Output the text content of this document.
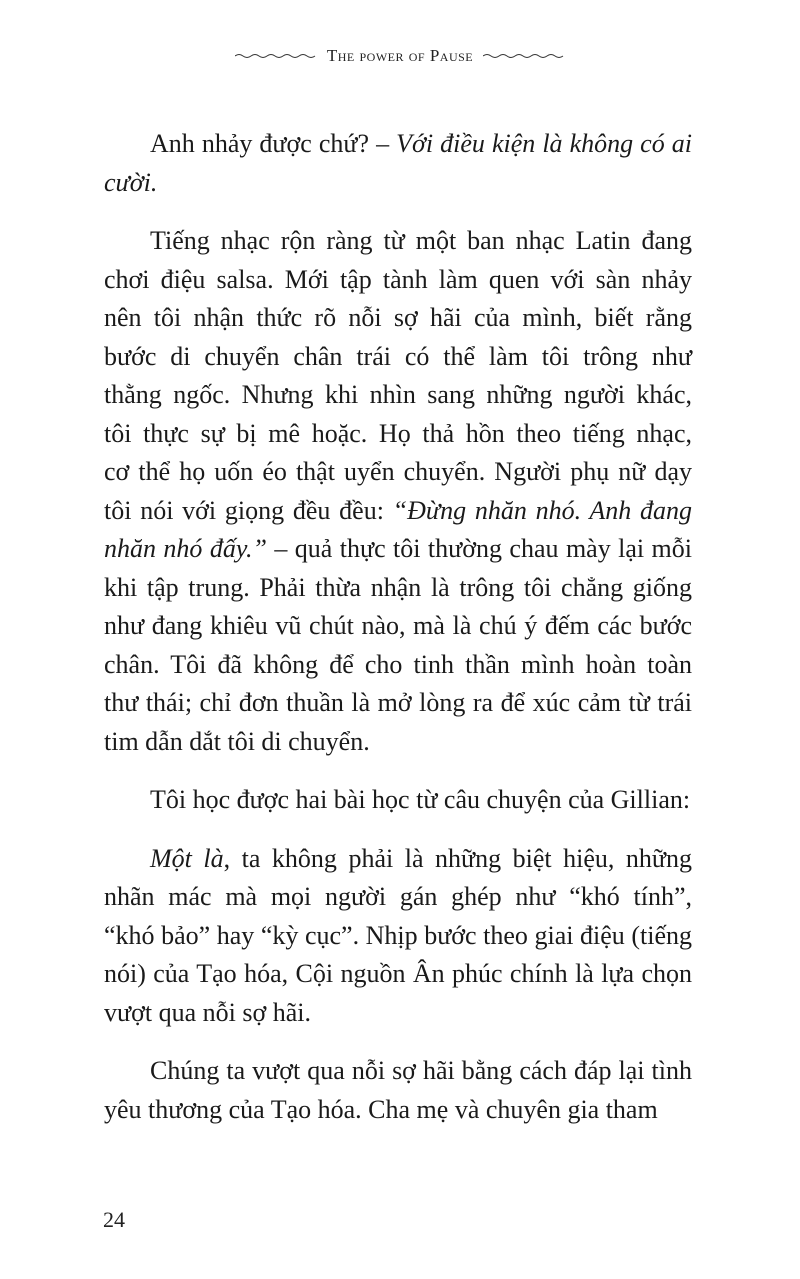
The power of Pause
Anh nhảy được chứ? – Với điều kiện là không có ai
cười.
Tiếng nhạc rộn ràng từ một ban nhạc Latin đang
chơi điệu salsa. Mới tập tành làm quen với sàn nhảy
nên tôi nhận thức rõ nỗi sợ hãi của mình, biết rằng
bước di chuyển chân trái có thể làm tôi trông như
thằng ngốc. Nhưng khi nhìn sang những người khác,
tôi thực sự bị mê hoặc. Họ thả hồn theo tiếng nhạc,
cơ thể họ uốn éo thật uyển chuyển. Người phụ nữ dạy
tôi nói với giọng đều đều: “Đừng nhăn nhó. Anh đang
nhăn nhó đấy.” – quả thực tôi thường chau mày lại mỗi
khi tập trung. Phải thừa nhận là trông tôi chẳng giống
như đang khiêu vũ chút nào, mà là chú ý đếm các bước
chân. Tôi đã không để cho tinh thần mình hoàn toàn
thư thái; chỉ đơn thuần là mở lòng ra để xúc cảm từ trái
tim dẫn dắt tôi di chuyển.
Tôi học được hai bài học từ câu chuyện của Gillian:
Một là, ta không phải là những biệt hiệu, những
nhãn mác mà mọi người gán ghép như “khó tính”,
“khó bảo” hay “kỳ cục”. Nhịp bước theo giai điệu (tiếng
nói) của Tạo hóa, Cội nguồn Ân phúc chính là lựa chọn
vượt qua nỗi sợ hãi.
Chúng ta vượt qua nỗi sợ hãi bằng cách đáp lại tình
yêu thương của Tạo hóa. Cha mẹ và chuyên gia tham
24
